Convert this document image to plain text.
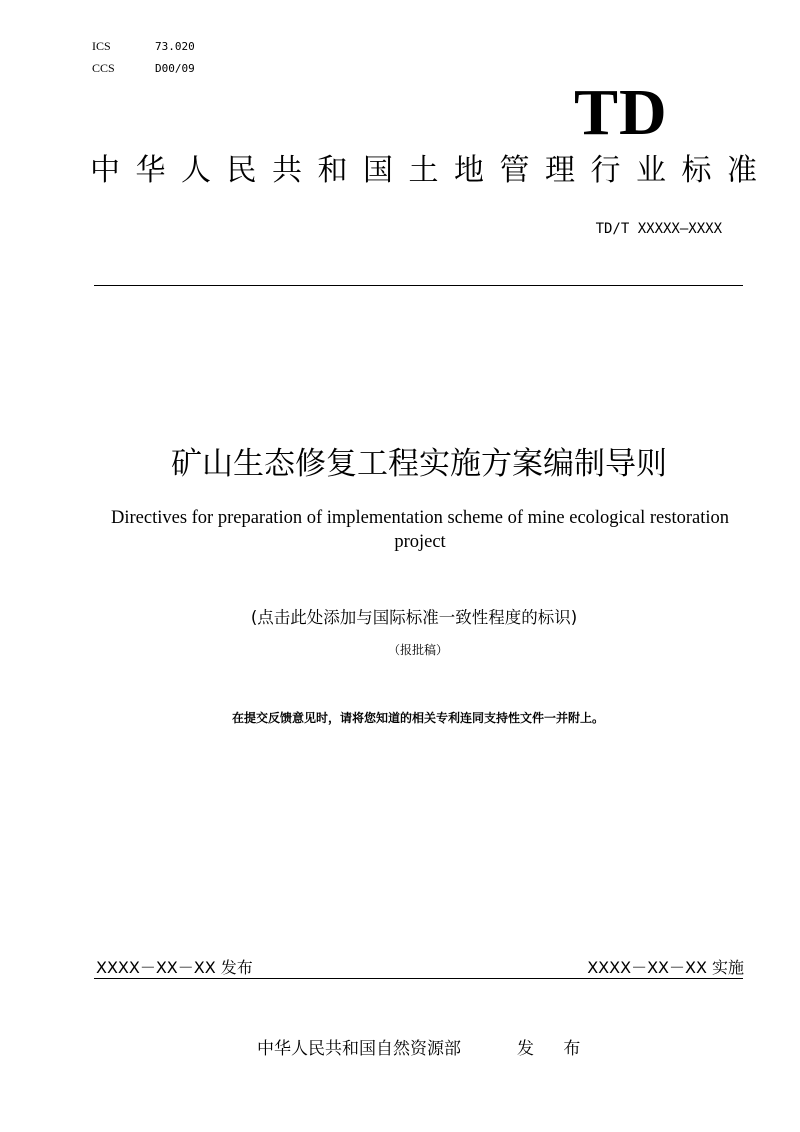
ICS	73.020
CCS	D00/09
TD
中华人民共和国土地管理行业标准
TD/T XXXXX—XXXX
矿山生态修复工程实施方案编制导则
Directives for preparation of implementation scheme of mine ecological restoration project
(点击此处添加与国际标准一致性程度的标识)
（报批稿）
在提交反馈意见时，请将您知道的相关专利连同支持性文件一并附上。
XXXX－XX－XX 发布	XXXX－XX－XX 实施
中华人民共和国自然资源部	发 布
